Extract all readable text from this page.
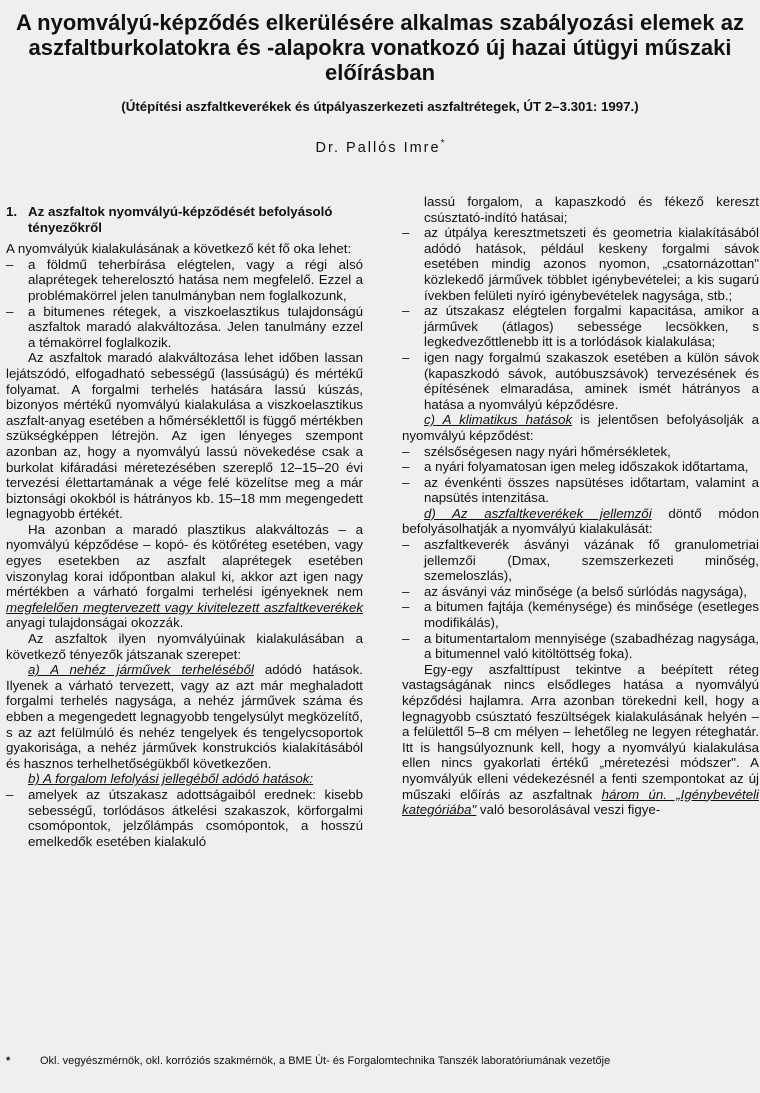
A nyomvályú-képződés elkerülésére alkalmas szabályozási elemek az aszfaltburkolatokra és -alapokra vonatkozó új hazai útügyi műszaki előírásban
(Útépítési aszfaltkeverékek és útpályaszerkezeti aszfaltrétegek, ÚT 2–3.301: 1997.)
Dr. Pallós Imre*
1. Az aszfaltok nyomvályú-képződését befolyásoló tényezőkről

A nyomvályúk kialakulásának a következő két fő oka lehet:

– a földmű teherbírása elégtelen, vagy a régi alsó alaprétegek teherelosztó hatása nem megfelelő. Ezzel a problémakörrel jelen tanulmányban nem foglalkozunk,

– a bitumenes rétegek, a viszkoelasztikus tulajdonságú aszfaltok maradó alakváltozása. Jelen tanulmány ezzel a témakörrel foglalkozik.

Az aszfaltok maradó alakváltozása lehet időben lassan lejátszódó, elfogadható sebességű (lassúságú) és mértékű folyamat. A forgalmi terhelés hatására lassú kúszás, bizonyos mértékű nyomvályú kialakulása a viszkoelasztikus aszfalt-anyag esetében a hőmérséklettől is függő mértékben szükségképpen létrejön. Az igen lényeges szempont azonban az, hogy a nyomvályú lassú növekedése csak a burkolat kifáradási méretezésében szereplő 12–15–20 évi tervezési élettartamának a vége felé közelítse meg a már biztonsági okokból is hátrányos kb. 15–18 mm megengedett legnagyobb értékét.

Ha azonban a maradó plasztikus alakváltozás – a nyomvályú képződése – kopó- és kötőréteg esetében, vagy egyes esetekben az aszfalt alaprétegek esetében viszonylag korai időpontban alakul ki, akkor azt igen nagy mértékben a várható forgalmi terhelési igényeknek nem megfelelően megtervezett vagy kivitelezett aszfaltkeverékek anyagi tulajdonságai okozzák.

Az aszfaltok ilyen nyomvályúinak kialakulásában a következő tényezők játszanak szerepet:

a) A nehéz járművek terheléséből adódó hatások. Ilyenek a várható tervezett, vagy az azt már meghaladott forgalmi terhelés nagysága, a nehéz járművek száma és ebben a megengedett legnagyobb tengelysúlyt megközelítő, s az azt felülmúló és nehéz tengelyek és tengelycsoportok gyakorisága, a nehéz járművek konstrukciós kialakításából és hasznos terhelhetőségükből következően.

b) A forgalom lefolyási jellegéből adódó hatások:

– amelyek az útszakasz adottságaiból erednek: kisebb sebességű, torlódásos átkelési szakaszok, körforgalmi csomópontok, jelzőlámpás csomópontok, a hosszú emelkedők esetében kialakuló

lassú forgalom, a kapaszkodó és fékező kereszt csúsztató-indító hatásai;

– az útpálya keresztmetszeti és geometria kialakításából adódó hatások, például keskeny forgalmi sávok esetében mindig azonos nyomon, „csatornázottan" közlekedő járművek többlet igénybevételei; a kis sugarú ívekben felületi nyíró igénybevételek nagysága, stb.;

– az útszakasz elégtelen forgalmi kapacitása, amikor a járművek (átlagos) sebessége lecsökken, s legkedvezőttlenebb itt is a torlódások kialakulása;

– igen nagy forgalmú szakaszok esetében a külön sávok (kapaszkodó sávok, autóbuszsávok) tervezésének és építésének elmaradása, aminek ismét hátrányos a hatása a nyomvályú képződésre.

c) A klimatikus hatások is jelentősen befolyásolják a nyomvályú képződést:

– szélsőségesen nagy nyári hőmérsékletek,

– a nyári folyamatosan igen meleg időszakok időtartama,

– az évenkénti összes napsütéses időtartam, valamint a napsütés intenzitása.

d) Az aszfaltkeverékek jellemzői döntő módon befolyásolhatják a nyomvályú kialakulását:

– aszfaltkeverék ásványi vázának fő granulometriai jellemzői (Dmax, szemszerkezeti minőség, szemeloszlás),

– az ásványi váz minősége (a belső súrlódás nagysága),

– a bitumen fajtája (keménysége) és minősége (esetleges modifikálás),

– a bitumentartalom mennyisége (szabadhézag nagysága, a bitumennel való kitöltöttség foka).

Egy-egy aszfalttípust tekintve a beépített réteg vastagságának nincs elsődleges hatása a nyomvályú képződési hajlamra. Arra azonban törekedni kell, hogy a legnagyobb csúsztató feszültségek kialakulásának helyén – a felülettől 5–8 cm mélyen – lehetőleg ne legyen réteghatár. Itt is hangsúlyoznunk kell, hogy a nyomvályú kialakulása ellen nincs gyakorlati értékű „méretezési módszer". A nyomvályúk elleni védekezésnél a fenti szempontokat az új műszaki előírás az aszfaltnak három ún. „Igénybevételi kategóriába" való besorolásával veszi figye-

*	Okl. vegyészmérnök, okl. korróziós szakmérnök, a BME Út- és Forgalomtechnika Tanszék laboratóriumának vezetője
